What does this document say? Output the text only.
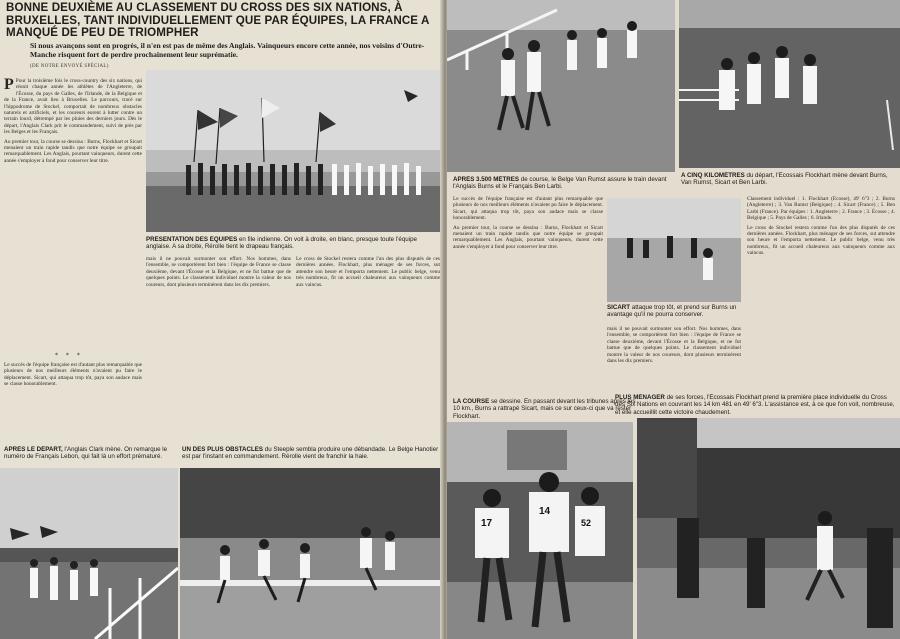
BONNE DEUXIÈME AU CLASSEMENT DU CROSS DES SIX NATIONS, À BRUXELLES, TANT INDIVIDUELLEMENT QUE PAR ÉQUIPES, LA FRANCE A MANQUÉ DE PEU DE TRIOMPHER

Si nous avançons sont en progrès, il n'en est pas de même des Anglais. Vainqueurs encore cette année, nos voisins d'Outre-Manche risquent fort de perdre prochainement leur suprématie.

(DE NOTRE ENVOYÉ SPÉCIAL)

P Pour la troisième fois le cross-country des six nations, qui réunit chaque année les athlètes de l'Angleterre, de l'Écosse, du pays de Galles, de l'Irlande, de la Belgique et de la France, avait lieu à Bruxelles. Le parcours, tracé sur l'hippodrome de Stockel, comportait de nombreux obstacles naturels et artificiels, et les coureurs eurent à lutter contre un terrain lourd, détrempé par les pluies des derniers jours. Dès le départ, l'Anglais Clark prit le commandement, suivi de près par les Belges et les Français.

Au premier tour, la course se dessina : Burns, Flockhart et Sicart menaient un train rapide tandis que notre équipe se groupait remarquablement. Les Anglais, pourtant vainqueurs, durent cette année s'employer à fond pour conserver leur titre.

* * *

Le succès de l'équipe française est d'autant plus remarquable que plusieurs de nos meilleurs éléments n'avaient pu faire le déplacement. Sicart, qui attaqua trop tôt, paya son audace mais se classe honorablement.

PRÉSENTATION DES ÉQUIPES en file indienne. On voit à droite, en blanc, presque toute l'équipe anglaise. A sa droite, Rérolle tient le drapeau français.

mais il ne pouvait surmonter son effort. Nos hommes, dans l'ensemble, se comportèrent fort bien : l'équipe de France se classe deuxième, devant l'Écosse et la Belgique, et ne fut battue que de quelques points. Le classement individuel montre la valeur de nos coureurs, dont plusieurs terminèrent dans les dix premiers.

Le cross de Stockel restera comme l'un des plus disputés de ces dernières années. Flockhart, plus ménager de ses forces, sut attendre son heure et l'emporta nettement. Le public belge, venu très nombreux, fit un accueil chaleureux aux vainqueurs comme aux vaincus.

APRÈS LE DÉPART, l'Anglais Clark mène. On remarque le numéro de Français Lebon, qui fait là un effort prématuré.

UN DES PLUS OBSTACLES du Steeple sembla produire une débandade. Le Belge Hanotier est par l'instant en commandement. Rérolle vient de franchir la haie.

APRÈS 3.500 MÈTRES de course, le Belge Van Rumst assure le train devant l'Anglais Burns et le Français Ben Larbi.

A CINQ KILOMÈTRES du départ, l'Écossais Flockhart mène devant Burns, Van Rumst, Sicart et Ben Larbi.

Le succès de l'équipe française est d'autant plus remarquable que plusieurs de nos meilleurs éléments n'avaient pu faire le déplacement. Sicart, qui attaqua trop tôt, paya son audace mais se classe honorablement.

Au premier tour, la course se dessina : Burns, Flockhart et Sicart menaient un train rapide tandis que notre équipe se groupait remarquablement. Les Anglais, pourtant vainqueurs, durent cette année s'employer à fond pour conserver leur titre.

SICART attaque trop tôt, et prend sur Burns un avantage qu'il ne pourra conserver.

mais il ne pouvait surmonter son effort. Nos hommes, dans l'ensemble, se comportèrent fort bien : l'équipe de France se classe deuxième, devant l'Écosse et la Belgique, et ne fut battue que de quelques points. Le classement individuel montre la valeur de nos coureurs, dont plusieurs terminèrent dans les dix premiers.

Classement individuel : 1. Flockhart (Écosse), 49' 6"3 ; 2. Burns (Angleterre) ; 3. Van Rumst (Belgique) ; 4. Sicart (France) ; 5. Ben Larbi (France). Par équipes : 1. Angleterre ; 2. France ; 3. Écosse ; 4. Belgique ; 5. Pays de Galles ; 6. Irlande.

Le cross de Stockel restera comme l'un des plus disputés de ces dernières années. Flockhart, plus ménager de ses forces, sut attendre son heure et l'emporta nettement. Le public belge, venu très nombreux, fit un accueil chaleureux aux vainqueurs comme aux vaincus.

LA COURSE se dessine. En passant devant les tribunes après les 10 km., Burns a rattrapé Sicart, mais ce sur ceux-ci que va rester Flockhart.

PLUS MÉNAGER de ses forces, l'Écossais Flockhart prend la première place individuelle du Cross des Six Nations en couvrant les 14 km 481 en 49' 6"3. L'assistance est, à ce que l'on voit, nombreuse, et elle accueillit cette victoire chaudement.

17
14
52
